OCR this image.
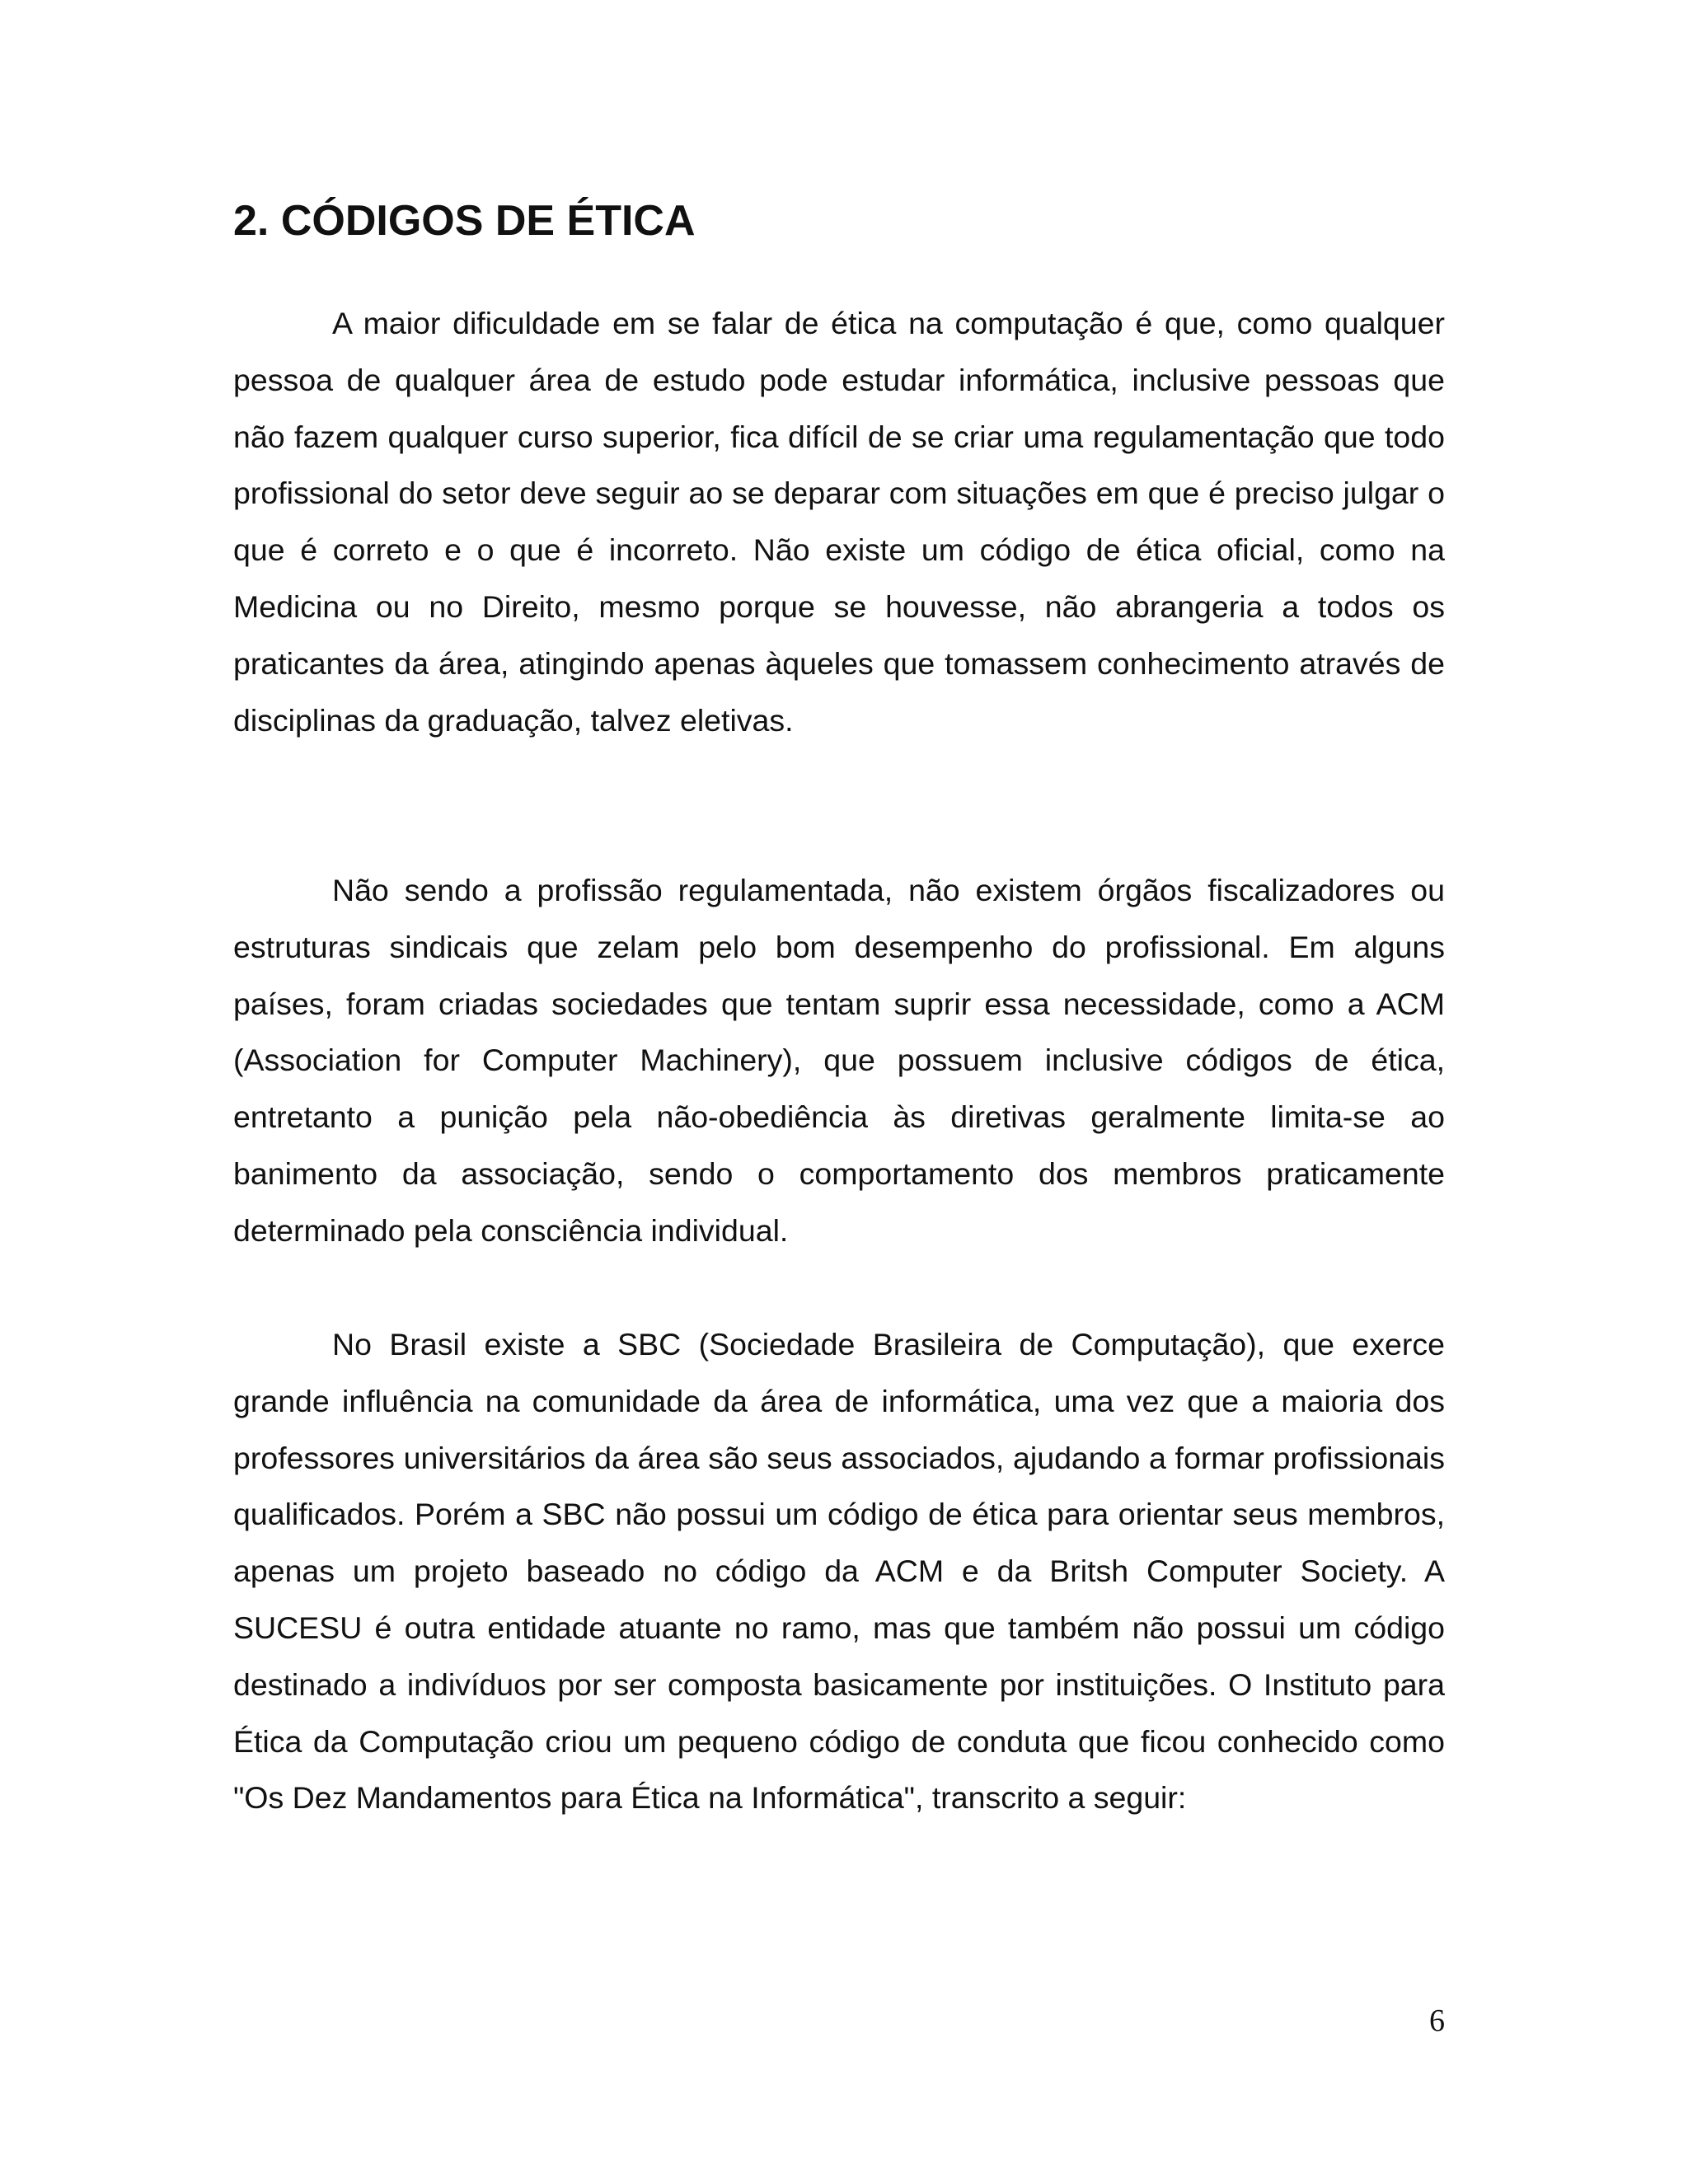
2. CÓDIGOS DE ÉTICA

A maior dificuldade em se falar de ética na computação é que, como qualquer pessoa de qualquer área de estudo pode estudar informática, inclusive pessoas que não fazem qualquer curso superior, fica difícil de se criar uma regulamentação que todo profissional do setor deve seguir ao se deparar com situações em que é preciso julgar o que é correto e o que é incorreto. Não existe um código de ética oficial, como na Medicina ou no Direito, mesmo porque se houvesse, não abrangeria a todos os praticantes da área, atingindo apenas àqueles que tomassem conhecimento através de disciplinas da graduação, talvez eletivas.

Não sendo a profissão regulamentada, não existem órgãos fiscalizadores ou estruturas sindicais que zelam pelo bom desempenho do profissional. Em alguns países, foram criadas sociedades que tentam suprir essa necessidade, como a ACM (Association for Computer Machinery), que possuem inclusive códigos de ética, entretanto a punição pela não-obediência às diretivas geralmente limita-se ao banimento da associação, sendo o comportamento dos membros praticamente determinado pela consciência individual.

No Brasil existe a SBC (Sociedade Brasileira de Computação), que exerce grande influência na comunidade da área de informática, uma vez que a maioria dos professores universitários da área são seus associados, ajudando a formar profissionais qualificados. Porém a SBC não possui um código de ética para orientar seus membros, apenas um projeto baseado no código da ACM e da Britsh Computer Society. A SUCESU é outra entidade atuante no ramo, mas que também não possui um código destinado a indivíduos por ser composta basicamente por instituições. O Instituto para Ética da Computação criou um pequeno código de conduta que ficou conhecido como "Os Dez Mandamentos para Ética na Informática", transcrito a seguir:

6
